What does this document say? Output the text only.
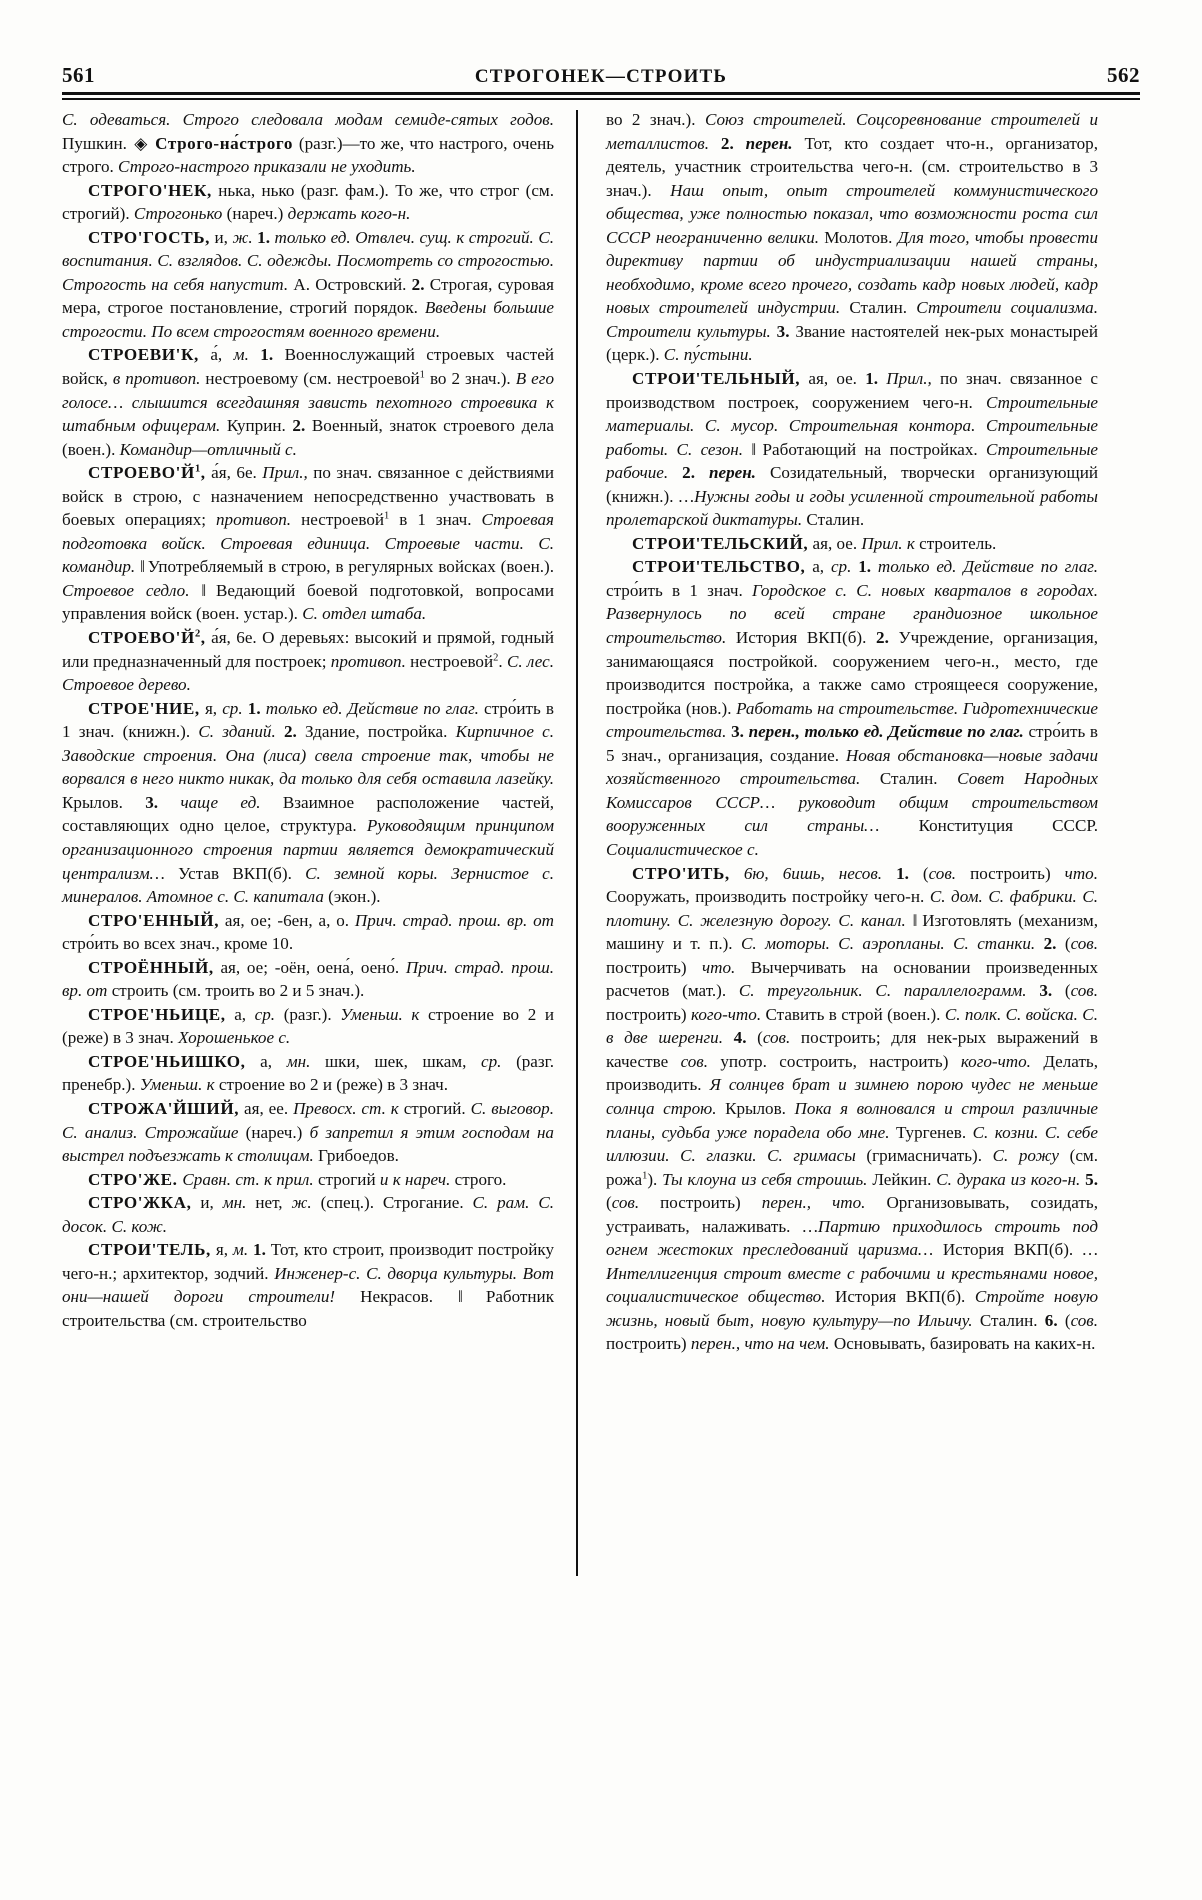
561	СТРОГОНЕК—СТРОИТЬ	562

С. одеваться. Строго следовала модам семиде-сятых годов. Пушкин. ◈ Строго-на́строго (разг.)—то же, что настрого, очень строго. Строго-настрого приказали не уходить.

СТРОГО'НЕК, нька, нько (разг. фам.). То же, что строг (см. строгий). Строгонько (нареч.) держать кого-н.

СТРО'ГОСТЬ, и, ж. 1. только ед. Отвлеч. сущ. к строгий. С. воспитания. С. взглядов. С. одежды. Посмотреть со строгостью. Строгость на себя напустит. А. Островский. 2. Строгая, суровая мера, строгое постановление, строгий порядок. Введены большие строгости. По всем строгостям военного времени.

СТРОЕВИ'К, а́, м. 1. Военнослужащий строевых частей войск, в противоп. нестроевому (см. нестроевой$^1$ во 2 знач.). В его голосе… слышится всегдашняя зависть пехотного строевика к штабным офицерам. Куприн. 2. Военный, знаток строевого дела (воен.). Командир—отличный с.

$СТРОЕВО'Й^1$, а́я, 6е. Прил., по знач. связанное с действиями войск в строю, с назначением непосредственно участвовать в боевых операциях; противоп. нестроевой$^1$ в 1 знач. Строевая подготовка войск. Строевая единица. Строевые части. С. командир. ‖ Употребляемый в строю, в регулярных войсках (воен.). Строевое седло. ‖ Ведающий боевой подготовкой, вопросами управления войск (воен. устар.). С. отдел штаба.

$СТРОЕВО'Й^2$, а́я, 6е. О деревьях: высокий и прямой, годный или предназначенный для построек; противоп. нестроевой$^2$. С. лес. Строевое дерево.

СТРОЕ'НИЕ, я, ср. 1. только ед. Действие по глаг. стро́ить в 1 знач. (книжн.). С. зданий. 2. Здание, постройка. Кирпичное с. Заводские строения. Она (лиса) свела строение так, чтобы не ворвался в него никто никак, да только для себя оставила лазейку. Крылов. 3. чаще ед. Взаимное расположение частей, составляющих одно целое, структура. Руководящим принципом организационного строения партии является демократический централизм… Устав ВКП(б). С. земной коры. Зернистое с. минералов. Атомное с. С. капитала (экон.).

СТРО'ЕННЫЙ, ая, ое; -6ен, а, о. Прич. страд. прош. вр. от стро́ить во всех знач., кроме 10.

СТРОЁННЫЙ, ая, ое; -оён, оена́, оено́. Прич. страд. прош. вр. от строить (см. троить во 2 и 5 знач.).

СТРОЕ'НЬИЦЕ, а, ср. (разг.). Уменьш. к строение во 2 и (реже) в 3 знач. Хорошенькое с.

СТРОЕ'НЬИШКО, а, мн. шки, шек, шкам, ср. (разг. пренебр.). Уменьш. к строение во 2 и (реже) в 3 знач.

СТРОЖА'ЙШИЙ, ая, ее. Превосх. ст. к строгий. С. выговор. С. анализ. Строжайше (нареч.) б запретил я этим господам на выстрел подъезжать к столицам. Грибоедов.

СТРО'ЖЕ. Сравн. ст. к прил. строгий и к нареч. строго.

СТРО'ЖКА, и, мн. нет, ж. (спец.). Строгание. С. рам. С. досок. С. кож.

СТРОИ'ТЕЛЬ, я, м. 1. Тот, кто строит, производит постройку чего-н.; архитектор, зодчий. Инженер-с. С. дворца культуры. Вот они—нашей дороги строители! Некрасов. ‖ Работник строительства (см. строительство

во 2 знач.). Союз строителей. Соцсоревнование строителей и металлистов. 2. перен. Тот, кто создает что-н., организатор, деятель, участник строительства чего-н. (см. строительство в 3 знач.). Наш опыт, опыт строителей коммунистического общества, уже полностью показал, что возможности роста сил СССР неограниченно велики. Молотов. Для того, чтобы провести директиву партии об индустриализации нашей страны, необходимо, кроме всего прочего, создать кадр новых людей, кадр новых строителей индустрии. Сталин. Строители социализма. Строители культуры. 3. Звание настоятелей нек-рых монастырей (церк.). С. пу́стыни.

СТРОИ'ТЕЛЬНЫЙ, ая, ое. 1. Прил., по знач. связанное с производством построек, сооружением чего-н. Строительные материалы. С. мусор. Строительная контора. Строительные работы. С. сезон. ‖ Работающий на постройках. Строительные рабочие. 2. перен. Созидательный, творчески организующий (книжн.). …Нужны годы и годы усиленной строительной работы пролетарской диктатуры. Сталин.

СТРОИ'ТЕЛЬСКИЙ, ая, ое. Прил. к строитель.

СТРОИ'ТЕЛЬСТВО, а, ср. 1. только ед. Действие по глаг. стро́ить в 1 знач. Городское с. С. новых кварталов в городах. Развернулось по всей стране грандиозное школьное строительство. История ВКП(б). 2. Учреждение, организация, занимающаяся постройкой. сооружением чего-н., место, где производится постройка, а также само строящееся сооружение, постройка (нов.). Работать на строительстве. Гидротехнические строительства. 3. перен., только ед. Действие по глаг. стро́ить в 5 знач., организация, создание. Новая обстановка—новые задачи хозяйственного строительства. Сталин. Совет Народных Комиссаров СССР… руководит общим строительством вооруженных сил страны… Конституция СССР. Социалистическое с.

СТРО'ИТЬ, 6ю, 6ишь, несов. 1. (сов. построить) что. Сооружать, производить постройку чего-н. С. дом. С. фабрики. С. плотину. С. железную дорогу. С. канал. ‖ Изготовлять (механизм, машину и т. п.). С. моторы. С. аэропланы. С. станки. 2. (сов. построить) что. Вычерчивать на основании произведенных расчетов (мат.). С. треугольник. С. параллелограмм. 3. (сов. построить) кого-что. Ставить в строй (воен.). С. полк. С. войска. С. в две шеренги. 4. (сов. построить; для нек-рых выражений в качестве сов. употр. состроить, настроить) кого-что. Делать, производить. Я солнцев брат и зимнею порою чудес не меньше солнца строю. Крылов. Пока я волновался и строил различные планы, судьба уже порадела обо мне. Тургенев. С. козни. С. себе иллюзии. С. глазки. С. гримасы (гримасничать). С. рожу (см. рожа$^1$). Ты клоуна из себя строишь. Лейкин. С. дурака из кого-н. 5. (сов. построить) перен., что. Организовывать, созидать, устраивать, налаживать. …Партию приходилось строить под огнем жестоких преследований царизма… История ВКП(б). …Интеллигенция строит вместе с рабочими и крестьянами новое, социалистическое общество. История ВКП(б). Стройте новую жизнь, новый быт, новую культуру—по Ильичу. Сталин. 6. (сов. построить) перен., что на чем. Основывать, базировать на каких-н.
